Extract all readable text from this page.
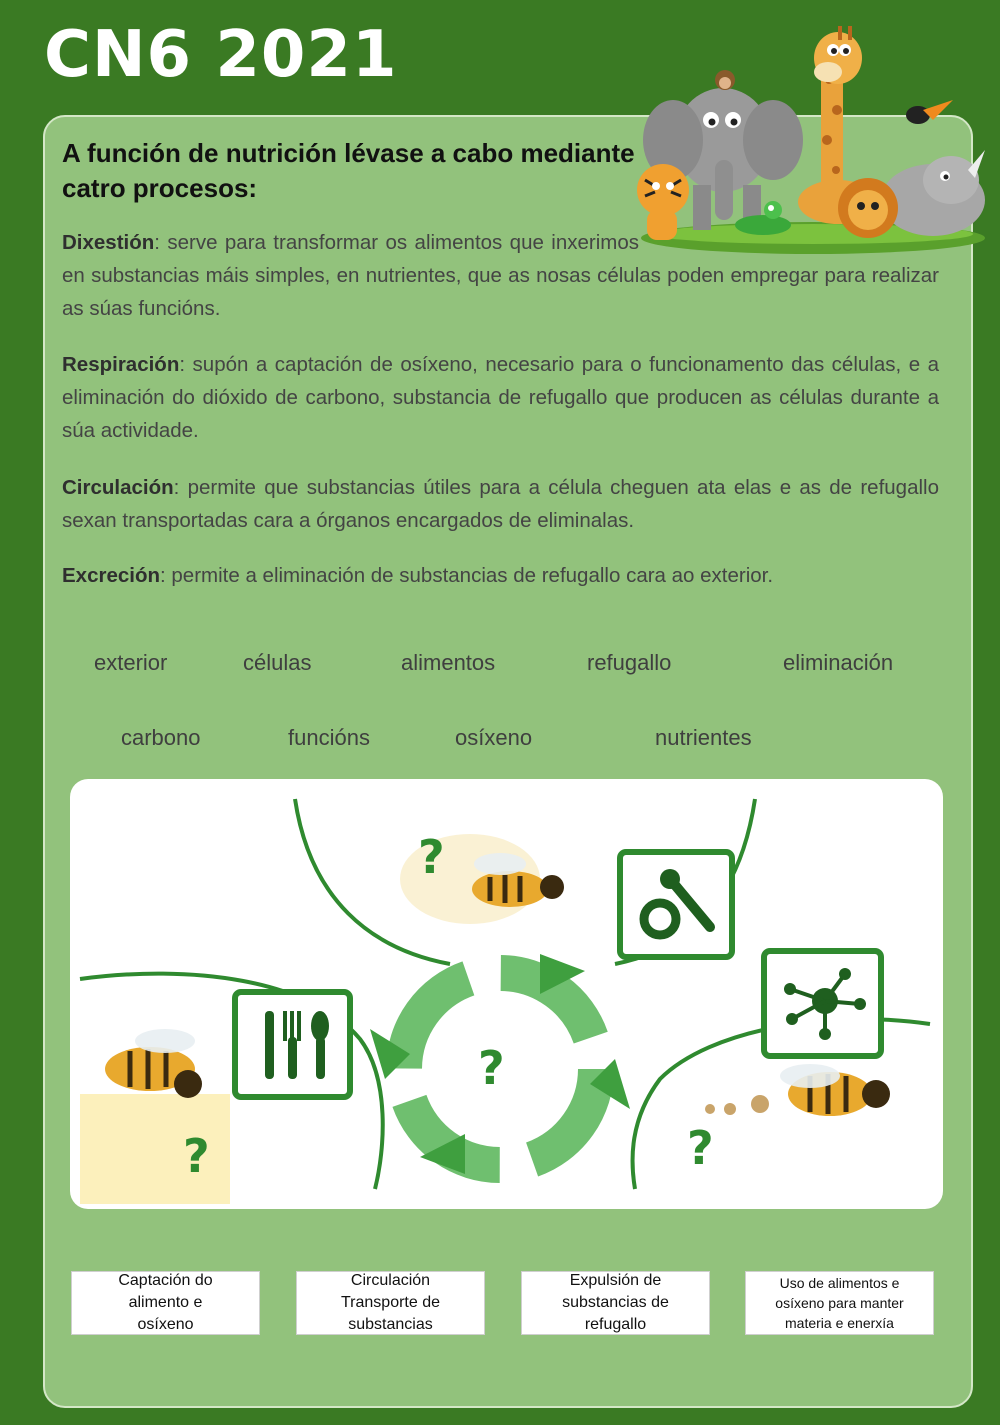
CN6 2021
A función de nutrición lévase a cabo mediante catro procesos:
Dixestión: serve para transformar os alimentos que inxerimos en substancias máis simples, en nutrientes, que as nosas células poden empregar para realizar as súas funcións.
Respiración: supón a captación de osíxeno, necesario para o funcionamento das células, e a eliminación do dióxido de carbono, substancia de refugallo que producen as células durante a súa actividade.
Circulación: permite que substancias útiles para a célula cheguen ata elas e as de refugallo sexan transportadas cara a órganos encargados de eliminalas.
Excreción: permite a eliminación de substancias de refugallo cara ao exterior.
exterior	células	alimentos	refugallo	eliminación
carbono	funcións	osíxeno	nutrientes
?
?
?	?
Captación do alimento e osíxeno
Circulación Transporte de substancias
Expulsión de substancias de refugallo
Uso de alimentos e osíxeno para manter materia e enerxía
